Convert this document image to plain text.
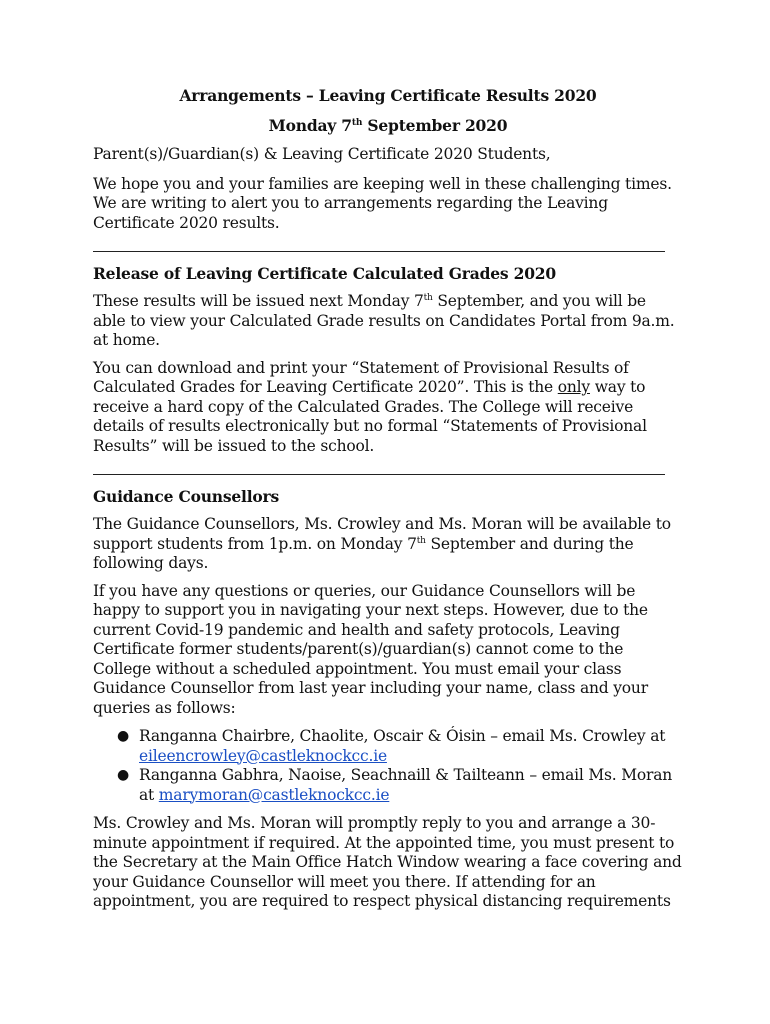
Arrangements – Leaving Certificate Results 2020
Monday 7th September 2020

Parent(s)/Guardian(s) & Leaving Certificate 2020 Students,

We hope you and your families are keeping well in these challenging times. We are writing to alert you to arrangements regarding the Leaving Certificate 2020 results.

Release of Leaving Certificate Calculated Grades 2020

These results will be issued next Monday 7th September, and you will be able to view your Calculated Grade results on Candidates Portal from 9a.m. at home.

You can download and print your “Statement of Provisional Results of Calculated Grades for Leaving Certificate 2020”. This is the only way to receive a hard copy of the Calculated Grades. The College will receive details of results electronically but no formal “Statements of Provisional Results” will be issued to the school.

Guidance Counsellors

The Guidance Counsellors, Ms. Crowley and Ms. Moran will be available to support students from 1p.m. on Monday 7th September and during the following days.

If you have any questions or queries, our Guidance Counsellors will be happy to support you in navigating your next steps. However, due to the current Covid-19 pandemic and health and safety protocols, Leaving Certificate former students/parent(s)/guardian(s) cannot come to the College without a scheduled appointment. You must email your class Guidance Counsellor from last year including your name, class and your queries as follows:

● Ranganna Chairbre, Chaolite, Oscair & Óisin – email Ms. Crowley at eileencrowley@castleknockcc.ie
● Ranganna Gabhra, Naoise, Seachnaill & Tailteann – email Ms. Moran at marymoran@castleknockcc.ie

Ms. Crowley and Ms. Moran will promptly reply to you and arrange a 30-minute appointment if required. At the appointed time, you must present to the Secretary at the Main Office Hatch Window wearing a face covering and your Guidance Counsellor will meet you there. If attending for an appointment, you are required to respect physical distancing requirements
